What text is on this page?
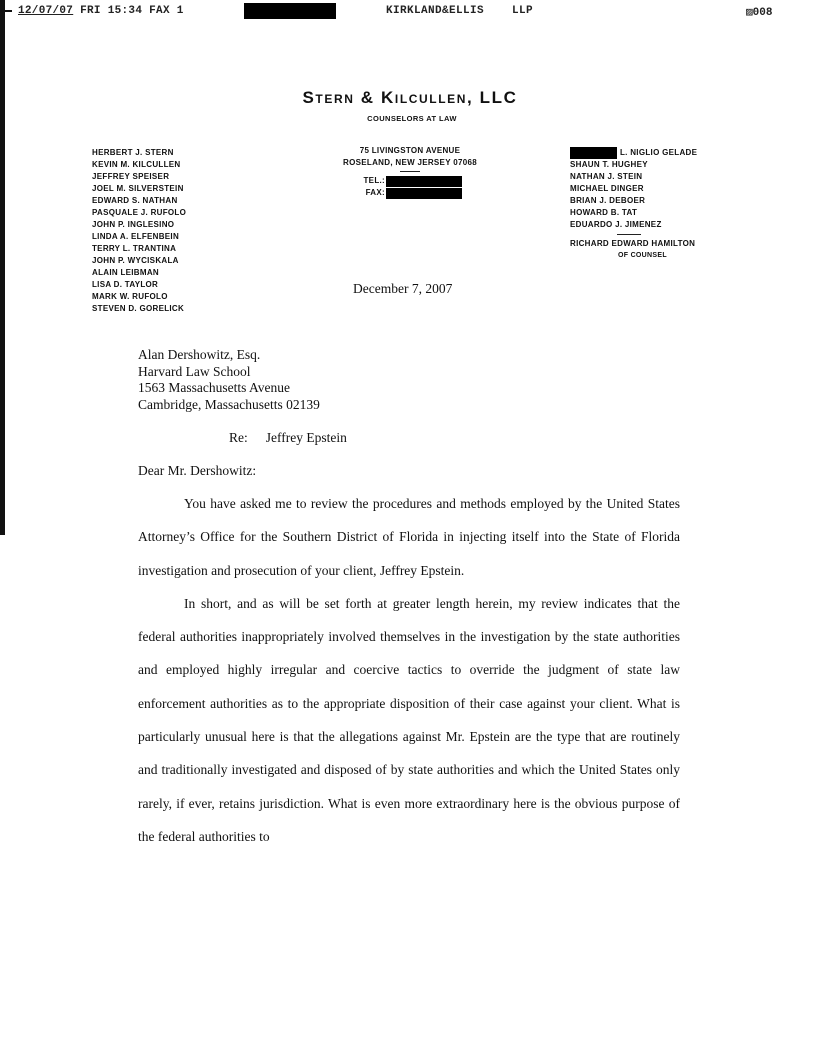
12/07/07 FRI 15:34 FAX 1	KIRKLAND&ELLIS    LLP	▨008
Stern & Kilcullen, LLC
COUNSELORS AT LAW
HERBERT J. STERN
KEVIN M. KILCULLEN
JEFFREY SPEISER
JOEL M. SILVERSTEIN
EDWARD S. NATHAN
PASQUALE J. RUFOLO
JOHN P. INGLESINO
LINDA A. ELFENBEIN
TERRY L. TRANTINA
JOHN P. WYCISKALA
ALAIN LEIBMAN
LISA D. TAYLOR
MARK W. RUFOLO
STEVEN D. GORELICK
75 LIVINGSTON AVENUE
ROSELAND, NEW JERSEY 07068
TEL.:
FAX:
L. NIGLIO GELADE
SHAUN T. HUGHEY
NATHAN J. STEIN
MICHAEL DINGER
BRIAN J. DEBOER
HOWARD B. TAT
EDUARDO J. JIMENEZ
RICHARD EDWARD HAMILTON
OF COUNSEL
December 7, 2007
Alan Dershowitz, Esq.
Harvard Law School
1563 Massachusetts Avenue
Cambridge, Massachusetts 02139
Re: Jeffrey Epstein
Dear Mr. Dershowitz:

You have asked me to review the procedures and methods employed by the United States Attorney’s Office for the Southern District of Florida in injecting itself into the State of Florida investigation and prosecution of your client, Jeffrey Epstein.

In short, and as will be set forth at greater length herein, my review indicates that the federal authorities inappropriately involved themselves in the investigation by the state authorities and employed highly irregular and coercive tactics to override the judgment of state law enforcement authorities as to the appropriate disposition of their case against your client. What is particularly unusual here is that the allegations against Mr. Epstein are the type that are routinely and traditionally investigated and disposed of by state authorities and which the United States only rarely, if ever, retains jurisdiction. What is even more extraordinary here is the obvious purpose of the federal authorities to
